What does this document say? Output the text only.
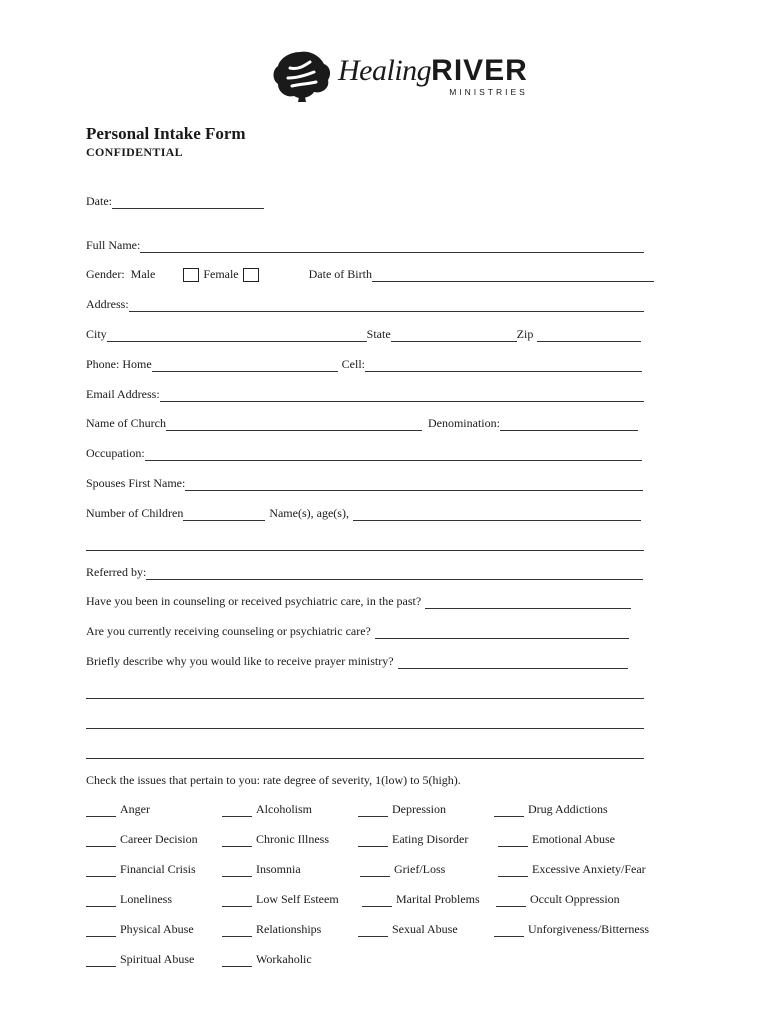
HealingRIVER
MINISTRIES
Personal Intake Form
CONFIDENTIAL
Date:
Full Name:
Gender: Male	Female	Date of Birth
Address:
City	State	Zip
Phone: Home	Cell:
Email Address:
Name of Church	Denomination:
Occupation:
Spouses First Name:
Number of Children	Name(s), age(s),
Referred by:
Have you been in counseling or received psychiatric care, in the past?
Are you currently receiving counseling or psychiatric care?
Briefly describe why you would like to receive prayer ministry?
Check the issues that pertain to you: rate degree of severity, 1(low) to 5(high).
Anger	Alcoholism	Depression	Drug Addictions
Career Decision	Chronic Illness	Eating Disorder	Emotional Abuse
Financial Crisis	Insomnia	Grief/Loss	Excessive Anxiety/Fear
Loneliness	Low Self Esteem	Marital Problems	Occult Oppression
Physical Abuse	Relationships	Sexual Abuse	Unforgiveness/Bitterness
Spiritual Abuse	Workaholic
